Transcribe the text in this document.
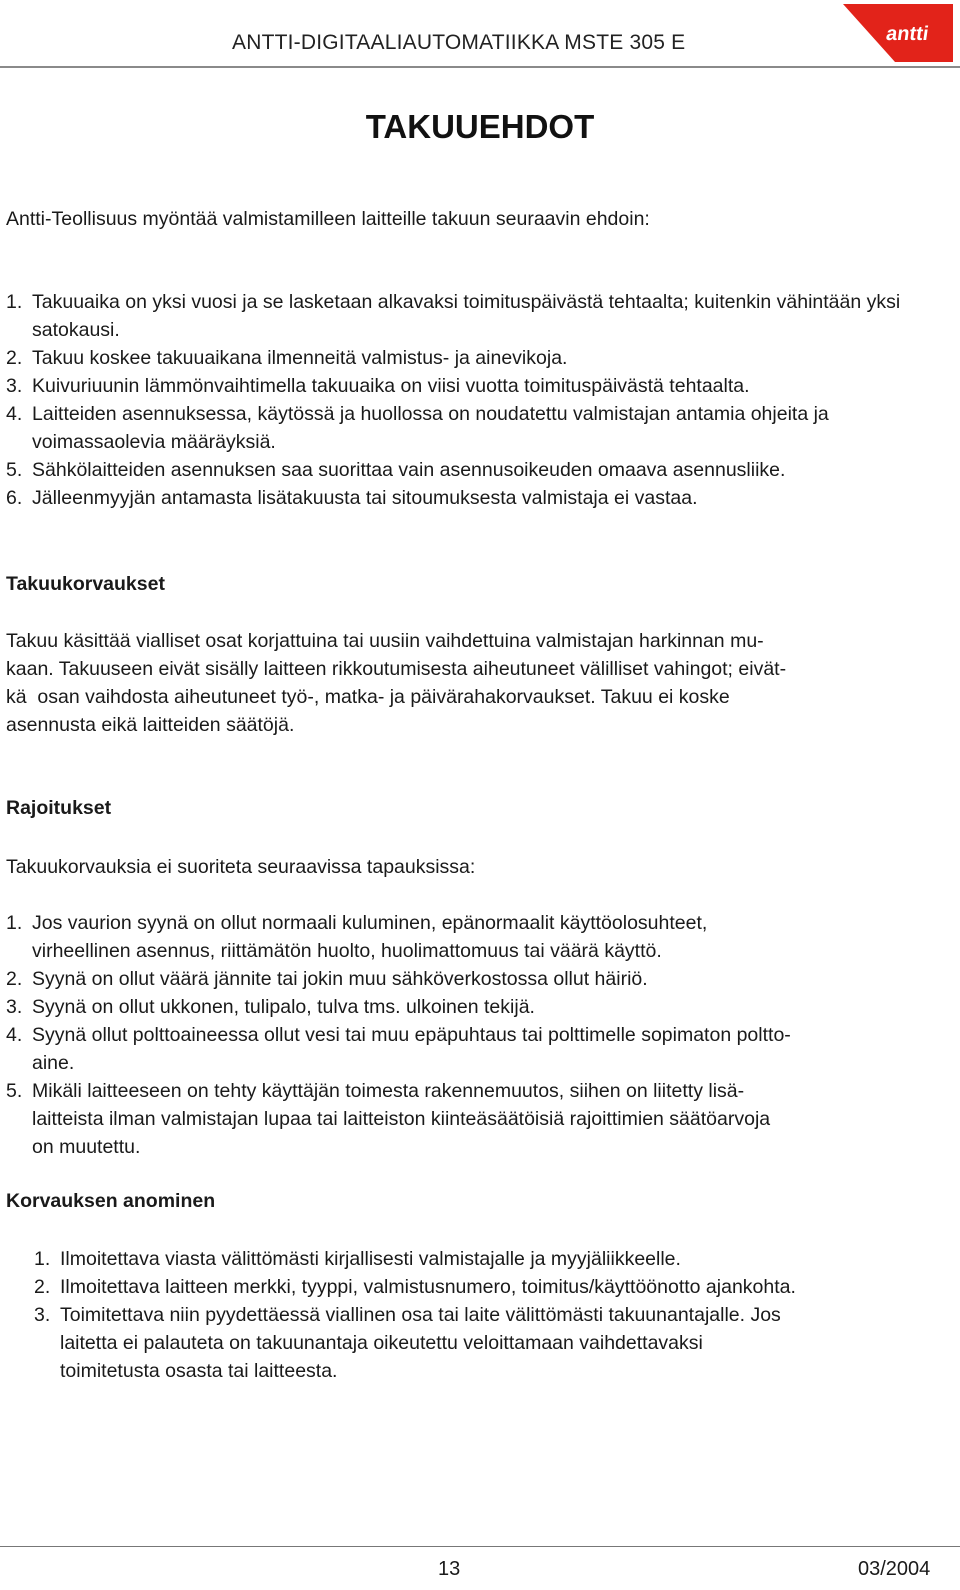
ANTTI-DIGITAALIAUTOMATIIKKA MSTE 305 E	antti
TAKUUEHDOT

Antti-Teollisuus myöntää valmistamilleen laitteille takuun seuraavin ehdoin:

1. Takuuaika on yksi vuosi ja se lasketaan alkavaksi toimituspäivästä tehtaalta; kuitenkin vähintään yksi satokausi.
2. Takuu koskee takuuaikana ilmenneitä valmistus- ja ainevikoja.
3. Kuivuriuunin lämmönvaihtimella takuuaika on viisi vuotta toimituspäivästä tehtaalta.
4. Laitteiden asennuksessa, käytössä ja huollossa on noudatettu valmistajan antamia ohjeita ja voimassaolevia määräyksiä.
5. Sähkölaitteiden asennuksen saa suorittaa vain asennusoikeuden omaava asennusliike.
6. Jälleenmyyjän antamasta lisätakuusta tai sitoumuksesta valmistaja ei vastaa.
Takuukorvaukset
Takuu käsittää vialliset osat korjattuina tai uusiin vaihdettuina valmistajan harkinnan mu-
kaan. Takuuseen eivät sisälly laitteen rikkoutumisesta aiheutuneet välilliset vahingot; eivät-
kä  osan vaihdosta aiheutuneet työ-, matka- ja päivärahakorvaukset. Takuu ei koske
asennusta eikä laitteiden säätöjä.
Rajoitukset

Takuukorvauksia ei suoriteta seuraavissa tapauksissa:

1. Jos vaurion syynä on ollut normaali kuluminen, epänormaalit käyttöolosuhteet,
virheellinen asennus, riittämätön huolto, huolimattomuus tai väärä käyttö.
2. Syynä on ollut väärä jännite tai jokin muu sähköverkostossa ollut häiriö.
3. Syynä on ollut ukkonen, tulipalo, tulva tms. ulkoinen tekijä.
4. Syynä ollut polttoaineessa ollut vesi tai muu epäpuhtaus tai polttimelle sopimaton poltto-
aine.
5. Mikäli laitteeseen on tehty käyttäjän toimesta rakennemuutos, siihen on liitetty lisä-
laitteista ilman valmistajan lupaa tai laitteiston kiinteäsäätöisiä rajoittimien säätöarvoja
on muutettu.
Korvauksen anominen
1. Ilmoitettava viasta välittömästi kirjallisesti valmistajalle ja myyjäliikkeelle.
2. Ilmoitettava laitteen merkki, tyyppi, valmistusnumero, toimitus/käyttöönotto ajankohta.
3. Toimitettava niin pyydettäessä viallinen osa tai laite välittömästi takuunantajalle. Jos
laitetta ei palauteta on takuunantaja oikeutettu veloittamaan vaihdettavaksi
toimitetusta osasta tai laitteesta.
13	03/2004
